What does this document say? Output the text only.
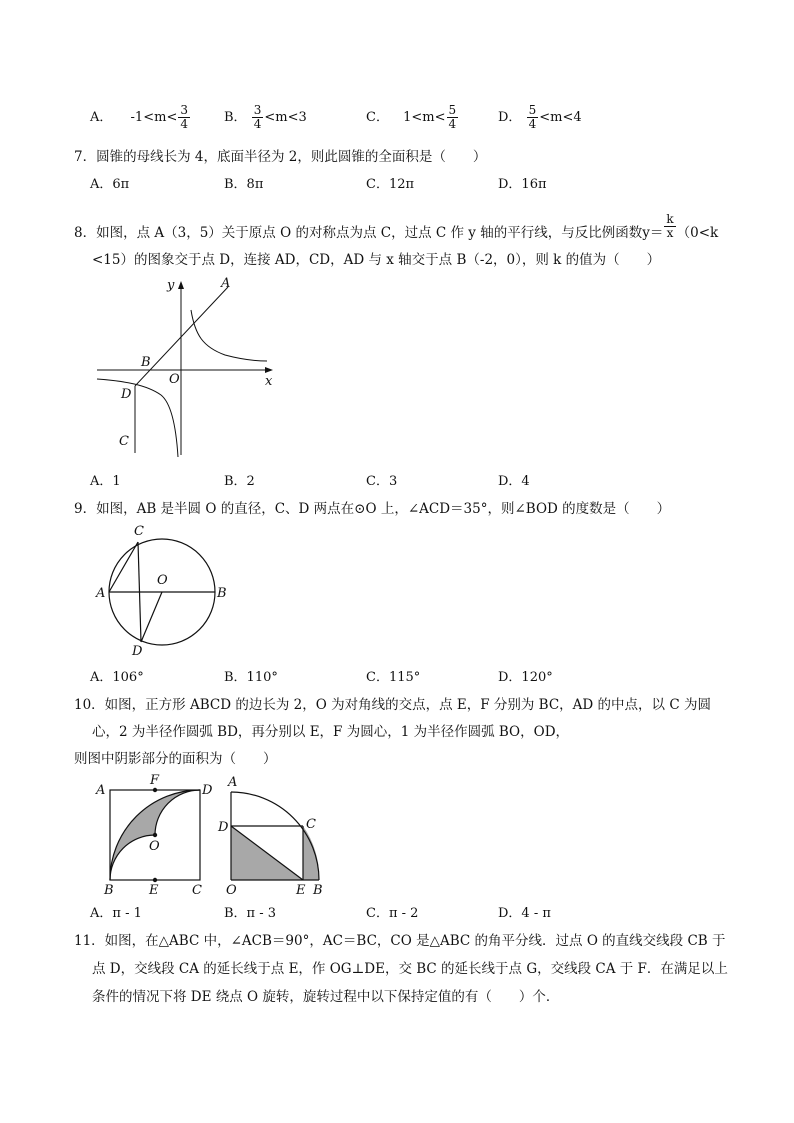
A． $-1<m< \frac{3}{4}$	B． $\frac{3}{4} <m<3$	C． $1<m< \frac{5}{4}$	D． $\frac{5}{4} <m<4$
7．圆锥的母线长为 4，底面半径为 2，则此圆锥的全面积是（　　）
A．6π	B．8π	C．12π	D．16π
8．如图，点 A（3，5）关于原点 O 的对称点为点 C，过点 C 作 y 轴的平行线，与反比例函数$y= \frac{k}{x} (0<k$
<15）的图象交于点 D，连接 AD，CD，AD 与 x 轴交于点 B（-2，0），则 k 的值为（　　）
y	A
B
O	x
D
C
A．1	B．2	C．3	D．4
9．如图，AB 是半圆 O 的直径，C、D 两点在⊙O 上，∠ACD＝35°，则∠BOD 的度数是（　　）
C
A
O
B
D
A．106°	B．110°	C．115°	D．120°
10．如图，正方形 ABCD 的边长为 2，O 为对角线的交点，点 E，F 分别为 BC，AD 的中点，以 C 为圆
心，2 为半径作圆弧 BD，再分别以 E，F 为圆心，1 为半径作圆弧 BO，OD，
则图中阴影部分的面积为（　　）
A
F
D
O
B	E	C
A
D	C
O	E B
A．π - 1	B．π - 3	C．π - 2	D．4 - π
11．如图，在△ABC 中，∠ACB＝90°，AC＝BC，CO 是△ABC 的角平分线．过点 O 的直线交线段 CB 于
点 D，交线段 CA 的延长线于点 E，作 OG⊥DE，交 BC 的延长线于点 G，交线段 CA 于 F．在满足以上
条件的情况下将 DE 绕点 O 旋转，旋转过程中以下保持定值的有（　　）个．
